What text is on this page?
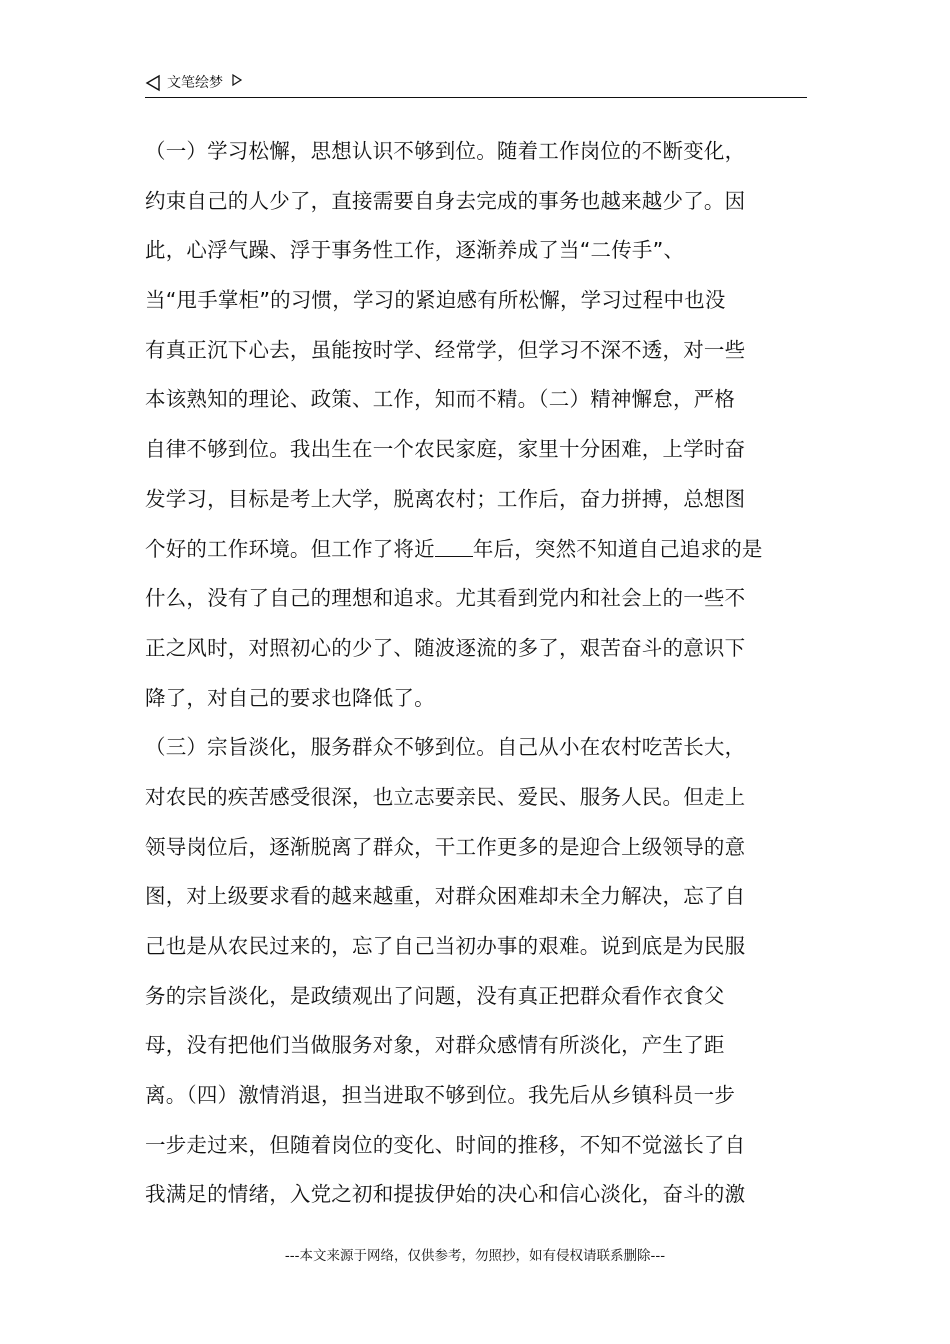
文笔绘梦
（一）学习松懈，思想认识不够到位。随着工作岗位的不断变化，
约束自己的人少了，直接需要自身去完成的事务也越来越少了。因
此，心浮气躁、浮于事务性工作，逐渐养成了当“二传手”、
当“甩手掌柜”的习惯，学习的紧迫感有所松懈，学习过程中也没
有真正沉下心去，虽能按时学、经常学，但学习不深不透，对一些
本该熟知的理论、政策、工作，知而不精。（二）精神懈怠，严格
自律不够到位。我出生在一个农民家庭，家里十分困难，上学时奋
发学习，目标是考上大学，脱离农村；工作后，奋力拼搏，总想图
个好的工作环境。但工作了将近 年后，突然不知道自己追求的是
什么，没有了自己的理想和追求。尤其看到党内和社会上的一些不
正之风时，对照初心的少了、随波逐流的多了，艰苦奋斗的意识下
降了，对自己的要求也降低了。
（三）宗旨淡化，服务群众不够到位。自己从小在农村吃苦长大，
对农民的疾苦感受很深，也立志要亲民、爱民、服务人民。但走上
领导岗位后，逐渐脱离了群众，干工作更多的是迎合上级领导的意
图，对上级要求看的越来越重，对群众困难却未全力解决，忘了自
己也是从农民过来的，忘了自己当初办事的艰难。说到底是为民服
务的宗旨淡化，是政绩观出了问题，没有真正把群众看作衣食父
母，没有把他们当做服务对象，对群众感情有所淡化，产生了距
离。（四）激情消退，担当进取不够到位。我先后从乡镇科员一步
一步走过来，但随着岗位的变化、时间的推移，不知不觉滋长了自
我满足的情绪，入党之初和提拔伊始的决心和信心淡化，奋斗的激
---本文来源于网络，仅供参考，勿照抄，如有侵权请联系删除---
